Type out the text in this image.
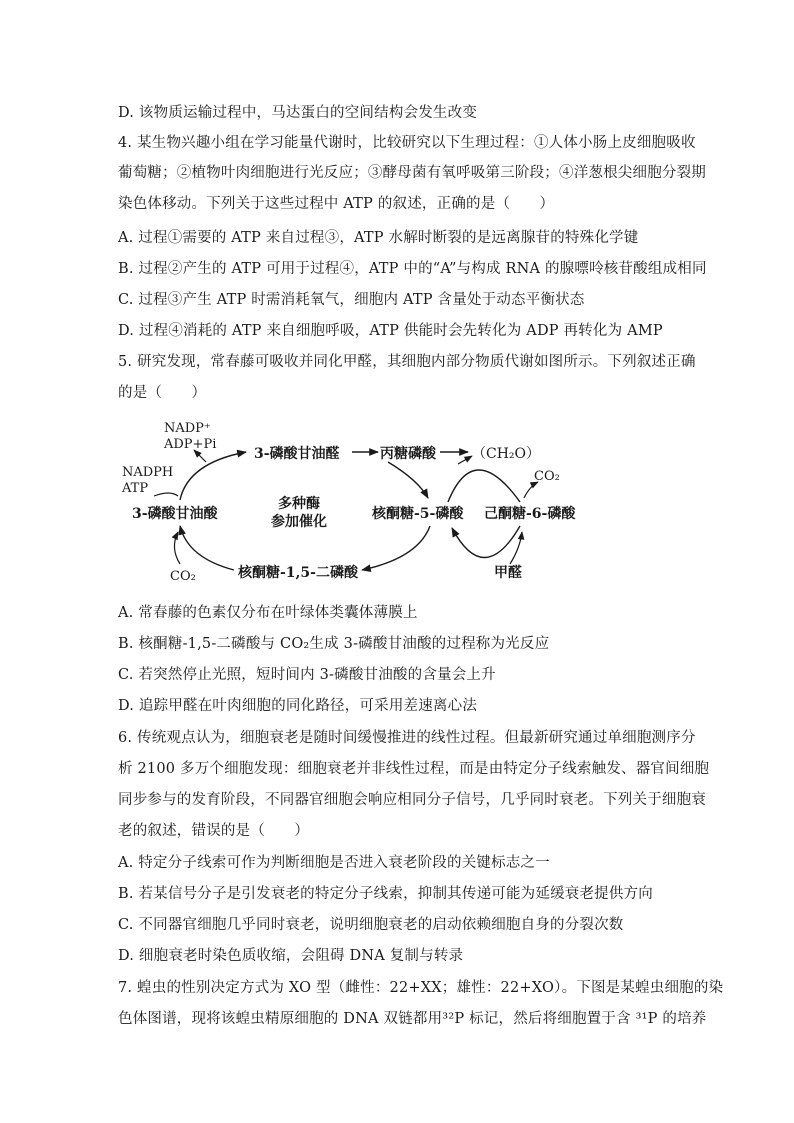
D. 该物质运输过程中，马达蛋白的空间结构会发生改变
4. 某生物兴趣小组在学习能量代谢时，比较研究以下生理过程：①人体小肠上皮细胞吸收
葡萄糖；②植物叶肉细胞进行光反应；③酵母菌有氧呼吸第三阶段；④洋葱根尖细胞分裂期
染色体移动。下列关于这些过程中 ATP 的叙述，正确的是（　　）
A. 过程①需要的 ATP 来自过程③，ATP 水解时断裂的是远离腺苷的特殊化学键
B. 过程②产生的 ATP 可用于过程④，ATP 中的“A”与构成 RNA 的腺嘌呤核苷酸组成相同
C. 过程③产生 ATP 时需消耗氧气，细胞内 ATP 含量处于动态平衡状态
D. 过程④消耗的 ATP 来自细胞呼吸，ATP 供能时会先转化为 ADP 再转化为 AMP
5. 研究发现，常春藤可吸收并同化甲醛，其细胞内部分物质代谢如图所示。下列叙述正确
的是（　　）
NADP⁺
ADP+Pi
NADPH
ATP
3-磷酸甘油醛	丙糖磷酸	（CH₂O）
CO₂
3-磷酸甘油酸
多种酶
参加催化	核酮糖-5-磷酸 己酮糖-6-磷酸
CO₂	核酮糖-1,5-二磷酸	甲醛
A. 常春藤的色素仅分布在叶绿体类囊体薄膜上
B. 核酮糖-1,5-二磷酸与 CO₂生成 3-磷酸甘油酸的过程称为光反应
C. 若突然停止光照，短时间内 3-磷酸甘油酸的含量会上升
D. 追踪甲醛在叶肉细胞的同化路径，可采用差速离心法
6. 传统观点认为，细胞衰老是随时间缓慢推进的线性过程。但最新研究通过单细胞测序分
析 2100 多万个细胞发现：细胞衰老并非线性过程，而是由特定分子线索触发、器官间细胞
同步参与的发育阶段，不同器官细胞会响应相同分子信号，几乎同时衰老。下列关于细胞衰
老的叙述，错误的是（　　）
A. 特定分子线索可作为判断细胞是否进入衰老阶段的关键标志之一
B. 若某信号分子是引发衰老的特定分子线索，抑制其传递可能为延缓衰老提供方向
C. 不同器官细胞几乎同时衰老，说明细胞衰老的启动依赖细胞自身的分裂次数
D. 细胞衰老时染色质收缩，会阻碍 DNA 复制与转录
7. 蝗虫的性别决定方式为 XO 型（雌性：22+XX；雄性：22+XO）。下图是某蝗虫细胞的染
色体图谱，现将该蝗虫精原细胞的 DNA 双链都用³²P 标记，然后将细胞置于含 ³¹P 的培养
